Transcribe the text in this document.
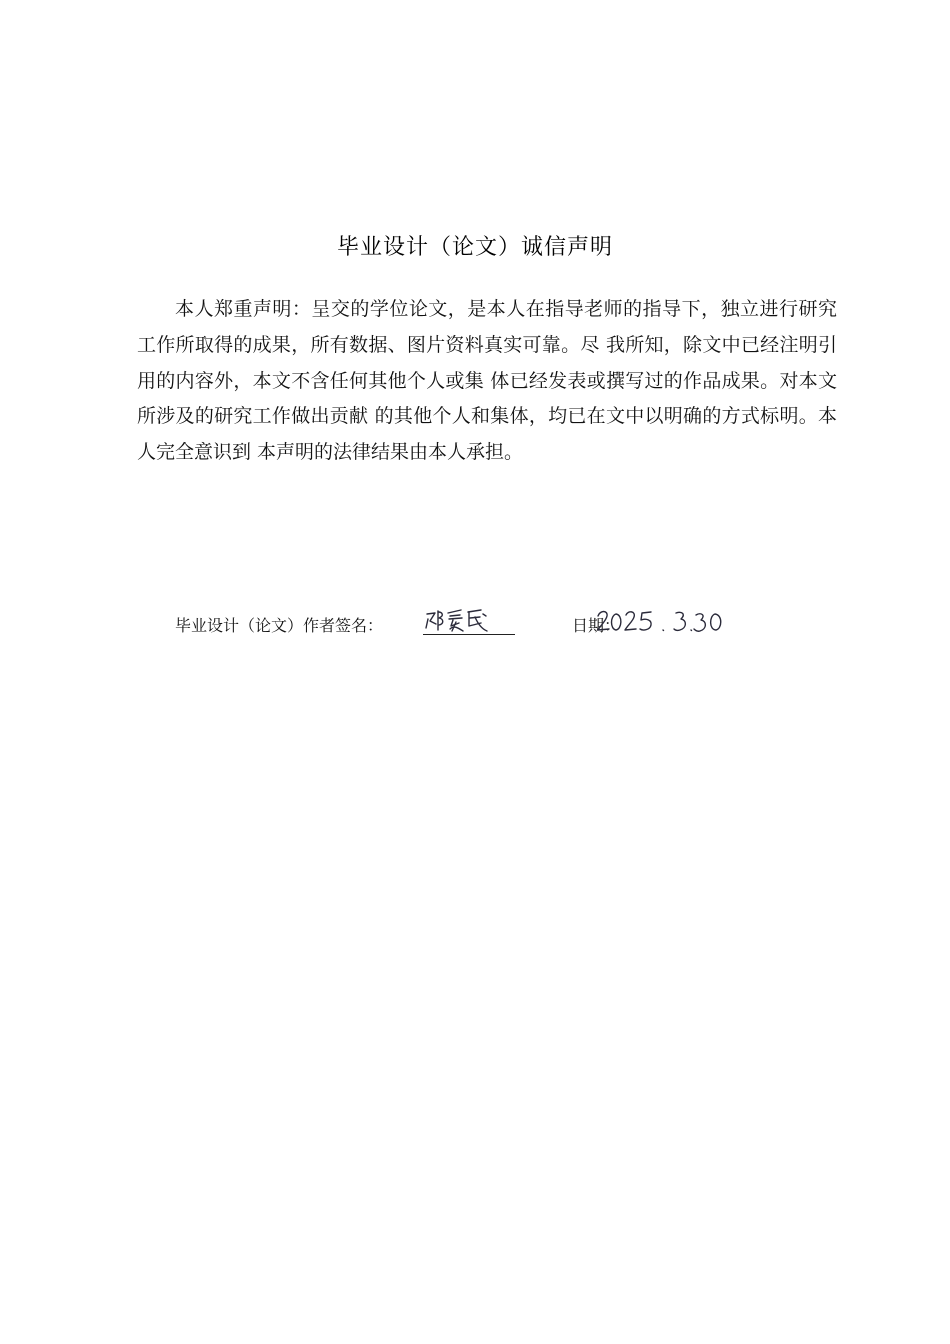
毕业设计（论文）诚信声明
本人郑重声明：呈交的学位论文，是本人在指导老师的指导下，独立进行研究工作所取得的成果，所有数据、图片资料真实可靠。尽 我所知，除文中已经注明引用的内容外，本文不含任何其他个人或集 体已经发表或撰写过的作品成果。对本文所涉及的研究工作做出贡献 的其他个人和集体，均已在文中以明确的方式标明。本人完全意识到 本声明的法律结果由本人承担。
毕业设计（论文）作者签名：	日期：
